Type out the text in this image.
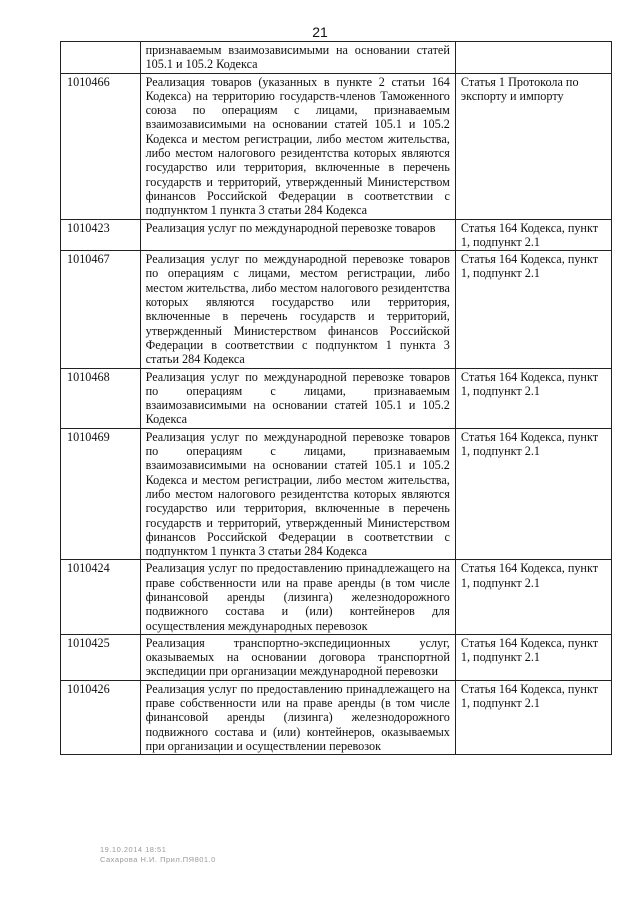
21
	признаваемым взаимозависимыми на основании статей 105.1 и 105.2 Кодекса	
1010466	Реализация товаров (указанных в пункте 2 статьи 164 Кодекса) на территорию государств-членов Таможенного союза по операциям с лицами, признаваемым взаимозависимыми на основании статей 105.1 и 105.2 Кодекса и местом регистрации, либо местом жительства, либо местом налогового резидентства которых являются государство или территория, включенные в перечень государств и территорий, утвержденный Министерством финансов Российской Федерации в соответствии с подпунктом 1 пункта 3 статьи 284 Кодекса	Статья 1 Протокола по экспорту и импорту
1010423	Реализация услуг по международной перевозке товаров	Статья 164 Кодекса, пункт 1, подпункт 2.1
1010467	Реализация услуг по международной перевозке товаров по операциям с лицами, местом регистрации, либо местом жительства, либо местом налогового резидентства которых являются государство или территория, включенные в перечень государств и территорий, утвержденный Министерством финансов Российской Федерации в соответствии с подпунктом 1 пункта 3 статьи 284 Кодекса	Статья 164 Кодекса, пункт 1, подпункт 2.1
1010468	Реализация услуг по международной перевозке товаров по операциям с лицами, признаваемым взаимозависимыми на основании статей 105.1 и 105.2 Кодекса	Статья 164 Кодекса, пункт 1, подпункт 2.1
1010469	Реализация услуг по международной перевозке товаров по операциям с лицами, признаваемым взаимозависимыми на основании статей 105.1 и 105.2 Кодекса и местом регистрации, либо местом жительства, либо местом налогового резидентства которых являются государство или территория, включенные в перечень государств и территорий, утвержденный Министерством финансов Российской Федерации в соответствии с подпунктом 1 пункта 3 статьи 284 Кодекса	Статья 164 Кодекса, пункт 1, подпункт 2.1
1010424	Реализация услуг по предоставлению принадлежащего на праве собственности или на праве аренды (в том числе финансовой аренды (лизинга) железнодорожного подвижного состава и (или) контейнеров для осуществления международных перевозок	Статья 164 Кодекса, пункт 1, подпункт 2.1
1010425	Реализация транспортно-экспедиционных услуг, оказываемых на основании договора транспортной экспедиции при организации международной перевозки	Статья 164 Кодекса, пункт 1, подпункт 2.1
1010426	Реализация услуг по предоставлению принадлежащего на праве собственности или на праве аренды (в том числе финансовой аренды (лизинга) железнодорожного подвижного состава и (или) контейнеров, оказываемых при организации и осуществлении перевозок	Статья 164 Кодекса, пункт 1, подпункт 2.1
19.10.2014 18:51
Сахарова Н.И. Прил.ПЯ801.0
